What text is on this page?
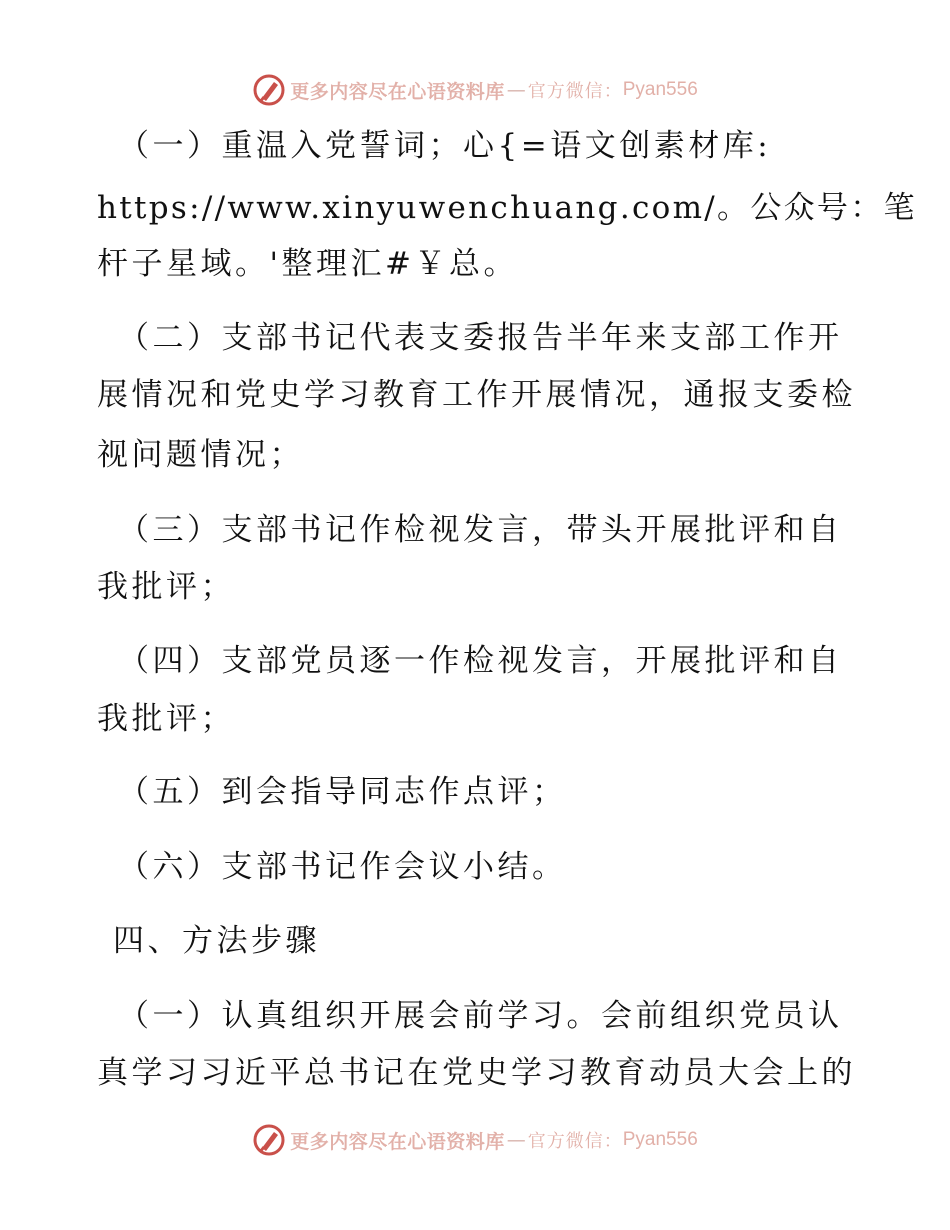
更多内容尽在心语资料库 — 官方微信： Pyan556
（一）重温入党誓词；心{=语文创素材库:
https://www.xinyuwenchuang.com/。公众号：笔
杆子星域。'整理汇#￥总。
（二）支部书记代表支委报告半年来支部工作开
展情况和党史学习教育工作开展情况，通报支委检
视问题情况；
（三）支部书记作检视发言，带头开展批评和自
我批评；
（四）支部党员逐一作检视发言，开展批评和自
我批评；
（五）到会指导同志作点评；
（六）支部书记作会议小结。
四、方法步骤
（一）认真组织开展会前学习。会前组织党员认
真学习习近平总书记在党史学习教育动员大会上的
更多内容尽在心语资料库 — 官方微信： Pyan556
